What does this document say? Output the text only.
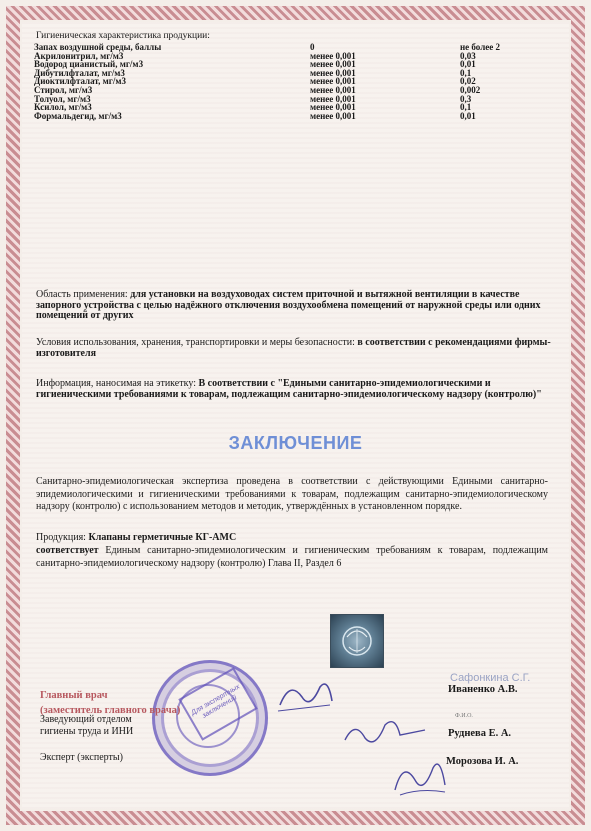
Гигиеническая характеристика продукции:
Запах воздушной среды, баллы	0	не более 2
Акрилонитрил, мг/м3	менее 0,001	0,03
Водород цианистый, мг/м3	менее 0,001	0,01
Дибутилфталат, мг/м3	менее 0,001	0,1
Диоктилфталат, мг/м3	менее 0,001	0,02
Стирол, мг/м3	менее 0,001	0,002
Толуол, мг/м3	менее 0,001	0,3
Ксилол, мг/м3	менее 0,001	0,1
Формальдегид, мг/м3	менее 0,001	0,01
Область применения: для установки на воздуховодах систем приточной и вытяжной вентиляции в качестве запорного устройства с целью надёжного отключения воздухообмена помещений от наружной среды или одних помещений от других
Условия использования, хранения, транспортировки и меры безопасности: в соответствии с рекомендациями фирмы-изготовителя
Информация, наносимая на этикетку: В соответствии с "Едиными санитарно-эпидемиологическими и гигиеническими требованиями к товарам, подлежащим санитарно-эпидемиологическому надзору (контролю)"
ЗАКЛЮЧЕНИЕ
Санитарно-эпидемиологическая экспертиза проведена в соответствии с действующими Едиными санитарно-эпидемиологическими и гигиеническими требованиями к товарам, подлежащим санитарно-эпидемиологическому надзору (контролю) с использованием методов и методик, утверждённых в установленном порядке.
Продукция: Клапаны герметичные КГ-АМС
соответствует Единым санитарно-эпидемиологическим и гигиеническим требованиям к товарам, подлежащим санитарно-эпидемиологическому надзору (контролю) Глава II, Раздел 6
Для экспертных заключений
Главный врач
(заместитель главного врача)
Заведующий отделом
гигиены труда и ИНИ
Эксперт (эксперты)
Сафонкина С.Г.
Иваненко А.В.
Ф.И.О.
Руднева Е. А.
Морозова И. А.
